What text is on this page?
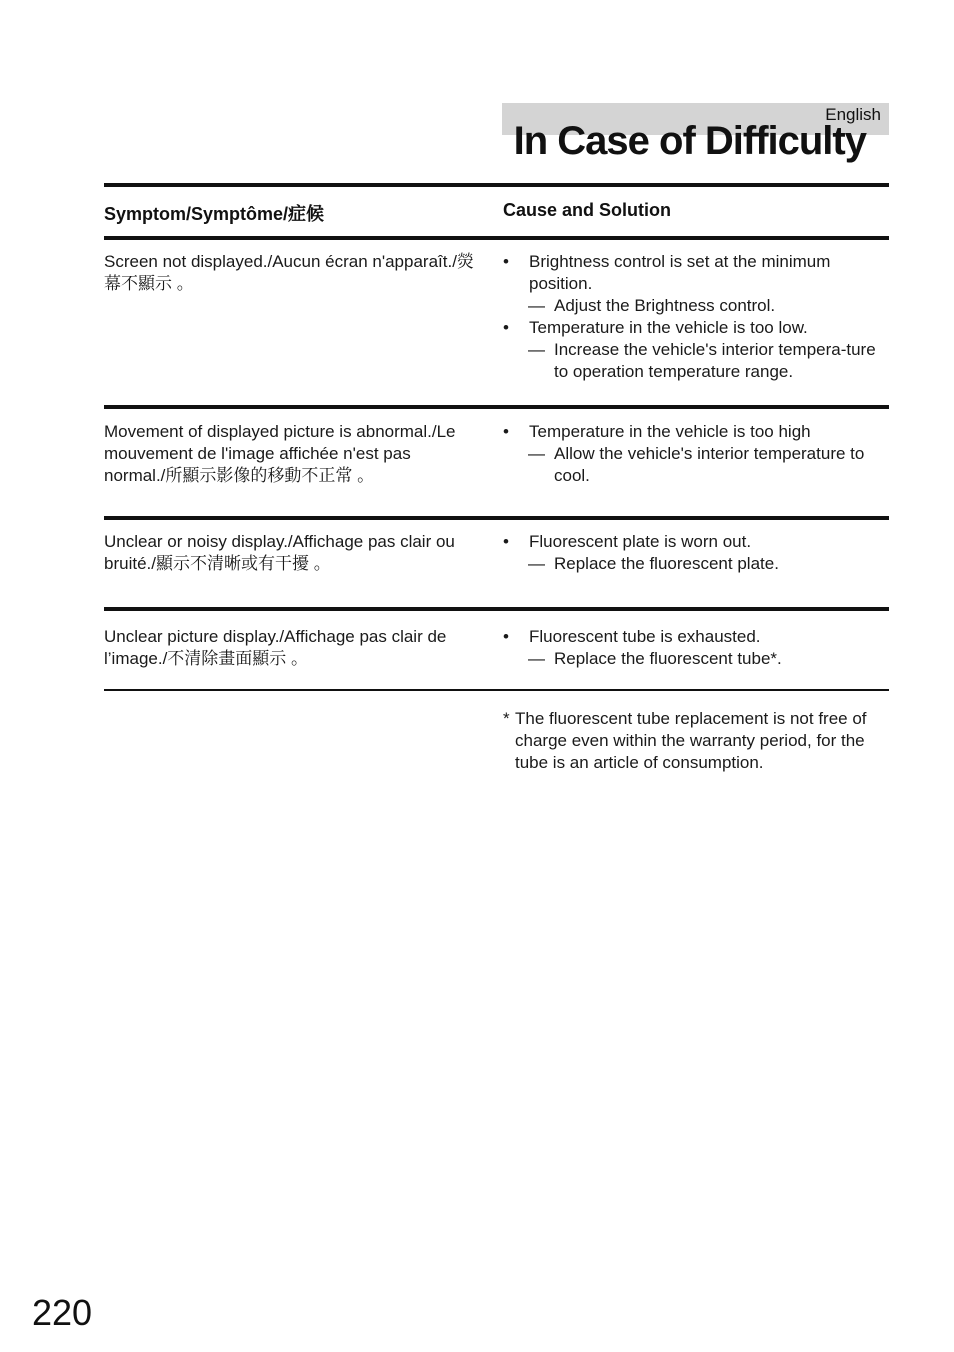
English
In Case of Difficulty
Symptom/Symptôme/症候	Cause and Solution
Screen not displayed./Aucun écran n'apparaît./熒幕不顯示 。
•	Brightness control is set at the minimum position.
— Adjust the Brightness control.
•	Temperature in the vehicle is too low.
— Increase the vehicle's interior tempera-ture to operation temperature range.
Movement of displayed picture is abnormal./Le mouvement de l'image affichée n'est pas normal./所顯示影像的移動不正常 。
•	Temperature in the vehicle is too high
— Allow the vehicle's interior temperature to cool.
Unclear or noisy display./Affichage pas clair ou bruité./顯示不清晰或有干擾 。
•	Fluorescent plate is worn out.
— Replace the fluorescent plate.
Unclear picture display./Affichage pas clair de l’image./不清除畫面顯示 。
•	Fluorescent tube is exhausted.
— Replace the fluorescent tube*.
* The fluorescent tube replacement is not free of charge even within the warranty period, for the tube is an article of consumption.
220
